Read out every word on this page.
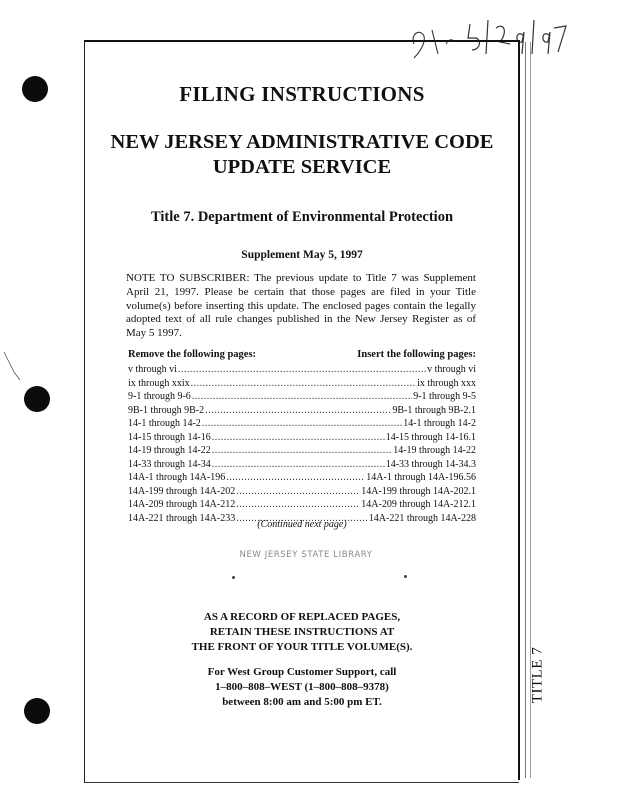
FILING INSTRUCTIONS
NEW JERSEY ADMINISTRATIVE CODE
UPDATE SERVICE
Title 7. Department of Environmental Protection
Supplement May 5, 1997
NOTE TO SUBSCRIBER: The previous update to Title 7 was Supplement April 21, 1997. Please be certain that those pages are filed in your Title volume(s) before inserting this update. The enclosed pages contain the legally adopted text of all rule changes published in the New Jersey Register as of May 5 1997.
Remove the following pages:	Insert the following pages:
v through vi .....	v through vi
ix through xxix .....	ix through xxx
9-1 through 9-6 .....	9-1 through 9-5
9B-1 through 9B-2 .....	9B-1 through 9B-2.1
14-1 through 14-2 .....	14-1 through 14-2
14-15 through 14-16 .....	14-15 through 14-16.1
14-19 through 14-22 .....	14-19 through 14-22
14-33 through 14-34 .....	14-33 through 14-34.3
14A-1 through 14A-196 .....	14A-1 through 14A-196.56
14A-199 through 14A-202 .....	14A-199 through 14A-202.1
14A-209 through 14A-212 .....	14A-209 through 14A-212.1
14A-221 through 14A-233 .....	14A-221 through 14A-228
(Continued next page)
NEW JERSEY STATE LIBRARY
AS A RECORD OF REPLACED PAGES,
RETAIN THESE INSTRUCTIONS AT
THE FRONT OF YOUR TITLE VOLUME(S).
For West Group Customer Support, call
1–800–808–WEST (1–800–808–9378)
between 8:00 am and 5:00 pm ET.	TITLE 7
